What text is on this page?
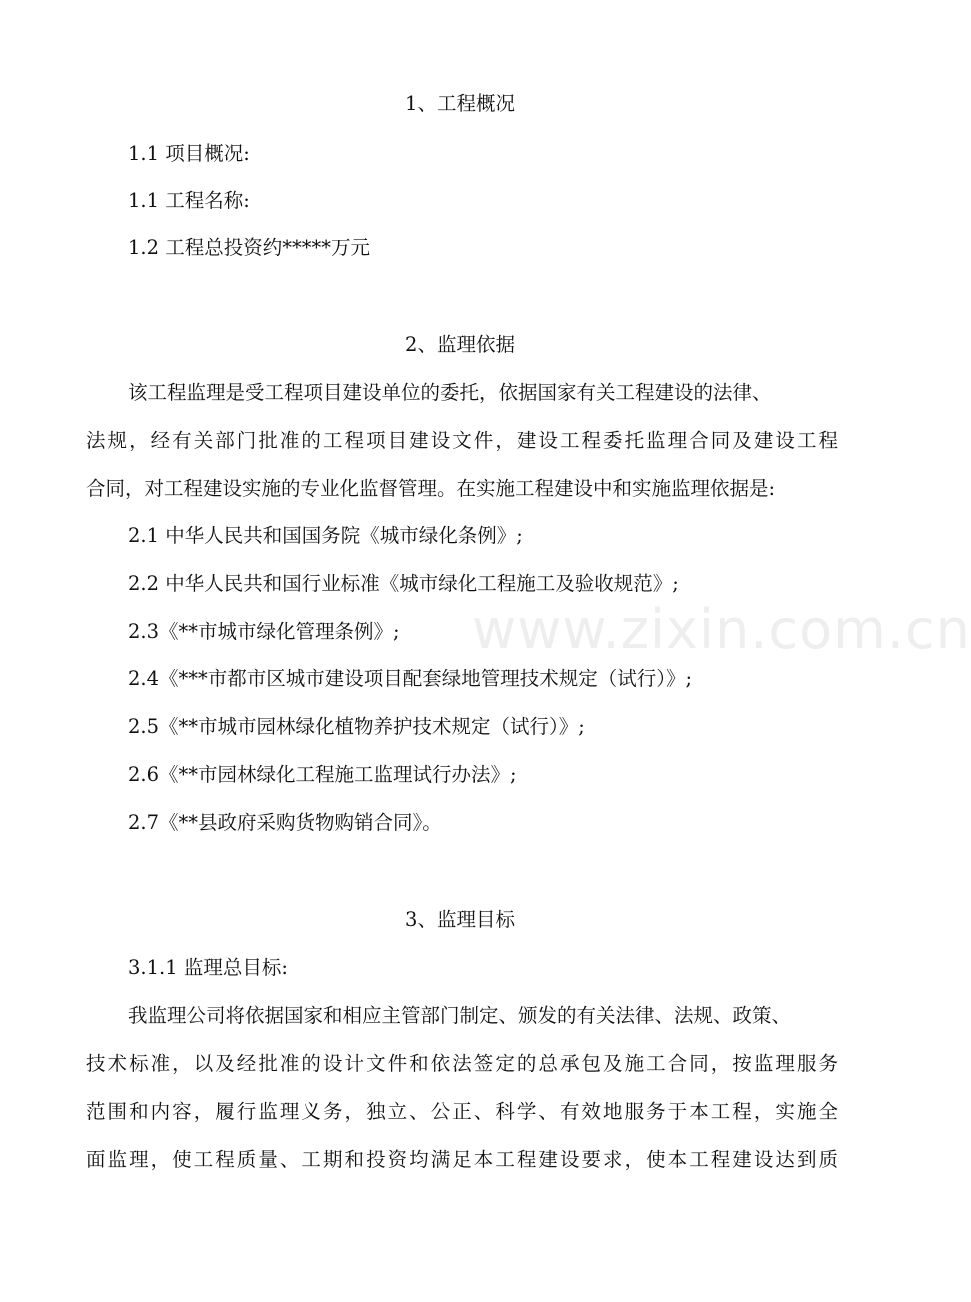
www.zixin.com.cn
1、工程概况
1.1 项目概况:
1.1 工程名称:
1.2 工程总投资约*****万元
2、监理依据
该工程监理是受工程项目建设单位的委托，依据国家有关工程建设的法律、
法规，经有关部门批准的工程项目建设文件，建设工程委托监理合同及建设工程
合同，对工程建设实施的专业化监督管理。在实施工程建设中和实施监理依据是:
2.1 中华人民共和国国务院《城市绿化条例》;
2.2 中华人民共和国行业标准《城市绿化工程施工及验收规范》;
2.3《**市城市绿化管理条例》;
2.4《***市都市区城市建设项目配套绿地管理技术规定（试行）》;
2.5《**市城市园林绿化植物养护技术规定（试行）》;
2.6《**市园林绿化工程施工监理试行办法》;
2.7《**县政府采购货物购销合同》。
3、监理目标
3.1.1 监理总目标:
我监理公司将依据国家和相应主管部门制定、颁发的有关法律、法规、政策、
技术标准，以及经批准的设计文件和依法签定的总承包及施工合同，按监理服务
范围和内容，履行监理义务，独立、公正、科学、有效地服务于本工程，实施全
面监理，使工程质量、工期和投资均满足本工程建设要求，使本工程建设达到质
